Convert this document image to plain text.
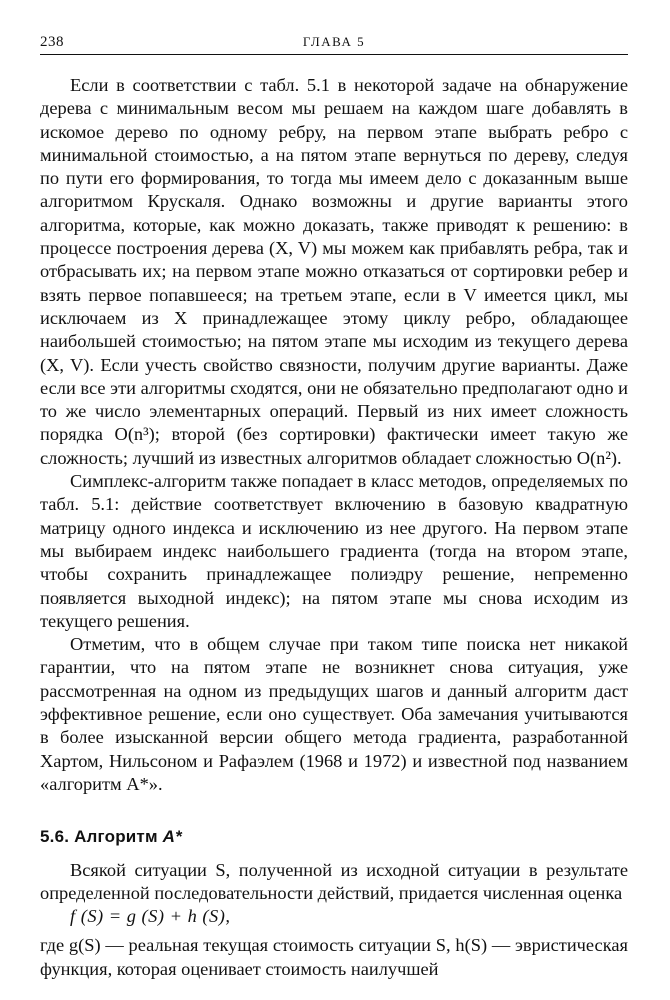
238	ГЛАВА 5

Если в соответствии с табл. 5.1 в некоторой задаче на обнаружение дерева с минимальным весом мы решаем на каждом шаге добавлять в искомое дерево по одному ребру, на первом этапе выбрать ребро с минимальной стоимостью, а на пятом этапе вернуться по дереву, следуя по пути его формирования, то тогда мы имеем дело с доказанным выше алгоритмом Крускаля. Однако возможны и другие варианты этого алгоритма, которые, как можно доказать, также приводят к решению: в процессе построения дерева (X, V) мы можем как прибавлять ребра, так и отбрасывать их; на первом этапе можно отказаться от сортировки ребер и взять первое попавшееся; на третьем этапе, если в V имеется цикл, мы исключаем из X принадлежащее этому циклу ребро, обладающее наибольшей стоимостью; на пятом этапе мы исходим из текущего дерева (X, V). Если учесть свойство связности, получим другие варианты. Даже если все эти алгоритмы сходятся, они не обязательно предполагают одно и то же число элементарных операций. Первый из них имеет сложность порядка O(n³); второй (без сортировки) фактически имеет такую же сложность; лучший из известных алгоритмов обладает сложностью O(n²).

Симплекс-алгоритм также попадает в класс методов, определяемых по табл. 5.1: действие соответствует включению в базовую квадратную матрицу одного индекса и исключению из нее другого. На первом этапе мы выбираем индекс наибольшего градиента (тогда на втором этапе, чтобы сохранить принадлежащее полиэдру решение, непременно появляется выходной индекс); на пятом этапе мы снова исходим из текущего решения.

Отметим, что в общем случае при таком типе поиска нет никакой гарантии, что на пятом этапе не возникнет снова ситуация, уже рассмотренная на одном из предыдущих шагов и данный алгоритм даст эффективное решение, если оно существует. Оба замечания учитываются в более изысканной версии общего метода градиента, разработанной Хартом, Нильсоном и Рафаэлем (1968 и 1972) и известной под названием «алгоритм A*».

5.6. Алгоритм A*

Всякой ситуации S, полученной из исходной ситуации в результате определенной последовательности действий, придается численная оценка

f (S) = g (S) + h (S),

где g(S) — реальная текущая стоимость ситуации S, h(S) — эвристическая функция, которая оценивает стоимость наилучшей
